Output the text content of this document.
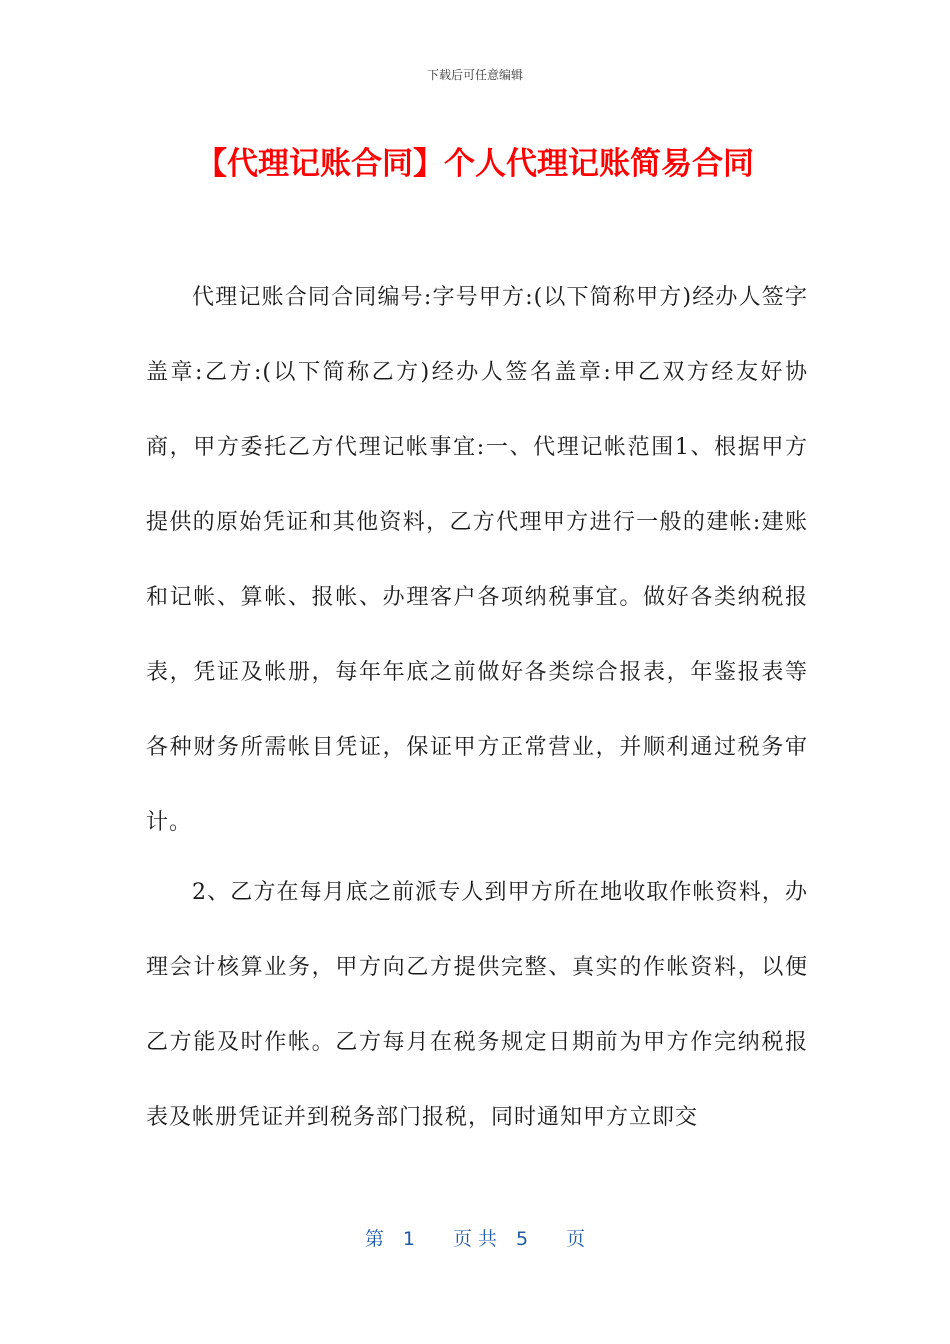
下载后可任意编辑
【代理记账合同】个人代理记账简易合同

代理记账合同合同编号:字号甲方:(以下简称甲方)经办人签字盖章:乙方:(以下简称乙方)经办人签名盖章:甲乙双方经友好协商，甲方委托乙方代理记帐事宜:一、代理记帐范围1、根据甲方提供的原始凭证和其他资料，乙方代理甲方进行一般的建帐:建账和记帐、算帐、报帐、办理客户各项纳税事宜。做好各类纳税报表，凭证及帐册，每年年底之前做好各类综合报表，年鉴报表等各种财务所需帐目凭证，保证甲方正常营业，并顺利通过税务审计。

2、乙方在每月底之前派专人到甲方所在地收取作帐资料，办理会计核算业务，甲方向乙方提供完整、真实的作帐资料，以便乙方能及时作帐。乙方每月在税务规定日期前为甲方作完纳税报表及帐册凭证并到税务部门报税，同时通知甲方立即交

第　1　　页 共　5　　页
